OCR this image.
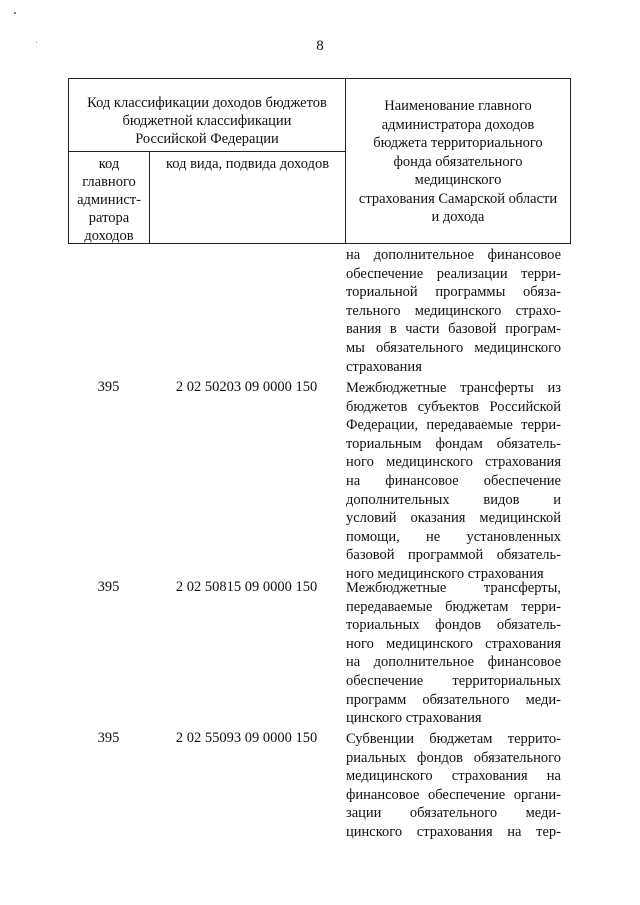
8
Код классификации доходов бюджетов
бюджетной классификации
Российской Федерации
код
главного
админист-
ратора
доходов
код вида, подвида доходов
Наименование главного
администратора доходов
бюджета территориального
фонда обязательного
медицинского
страхования Самарской области
и дохода
на дополнительное финансовое
обеспечение реализации терри-
ториальной программы обяза-
тельного медицинского страхо-
вания в части базовой програм-
мы обязательного медицинского
страхования
395	2 02 50203 09 0000 150	Межбюджетные трансферты из
бюджетов субъектов Российской
Федерации, передаваемые терри-
ториальным фондам обязатель-
ного медицинского страхования
на финансовое обеспечение
дополнительных видов и
условий оказания медицинской
помощи, не установленных
базовой программой обязатель-
ного медицинского страхования
395	2 02 50815 09 0000 150	Межбюджетные трансферты,
передаваемые бюджетам терри-
ториальных фондов обязатель-
ного медицинского страхования
на дополнительное финансовое
обеспечение территориальных
программ обязательного меди-
цинского страхования
395	2 02 55093 09 0000 150	Субвенции бюджетам террито-
риальных фондов обязательного
медицинского страхования на
финансовое обеспечение органи-
зации обязательного меди-
цинского страхования на тер-
